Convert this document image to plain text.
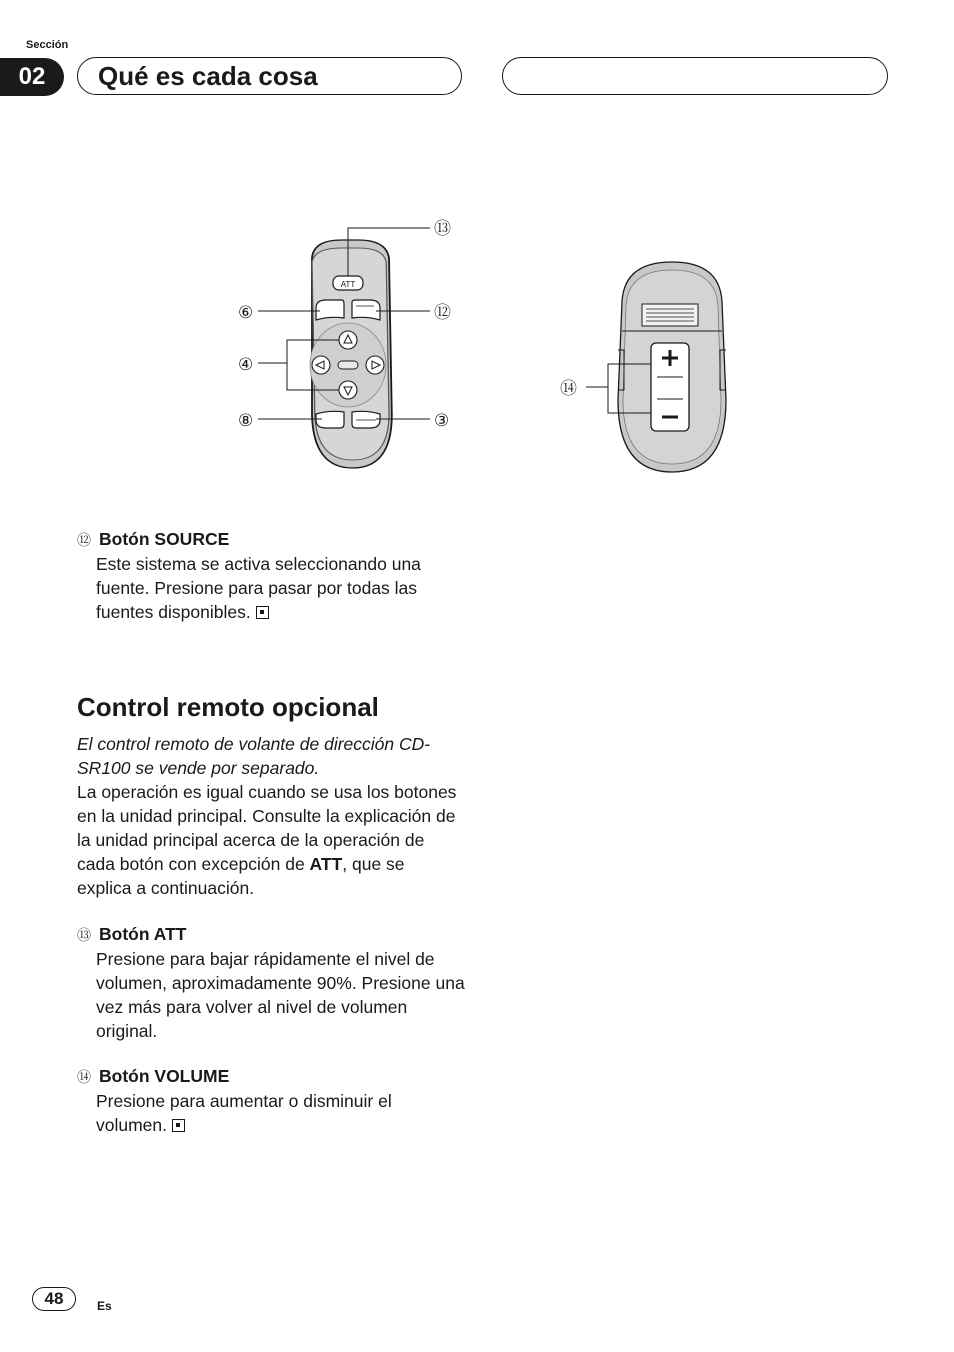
Sección
02	Qué es cada cosa
ATT
⑬
⑥	⑫
④
⑧	③
⑭
⑫ Botón SOURCE
Este sistema se activa seleccionando una fuente. Presione para pasar por todas las fuentes disponibles.
Control remoto opcional
El control remoto de volante de dirección CD-SR100 se vende por separado.
La operación es igual cuando se usa los botones en la unidad principal. Consulte la explicación de la unidad principal acerca de la operación de cada botón con excepción de ATT, que se explica a continuación.
⑬ Botón ATT
Presione para bajar rápidamente el nivel de volumen, aproximadamente 90%. Presione una vez más para volver al nivel de volumen original.
⑭ Botón VOLUME
Presione para aumentar o disminuir el volumen.
48	Es
